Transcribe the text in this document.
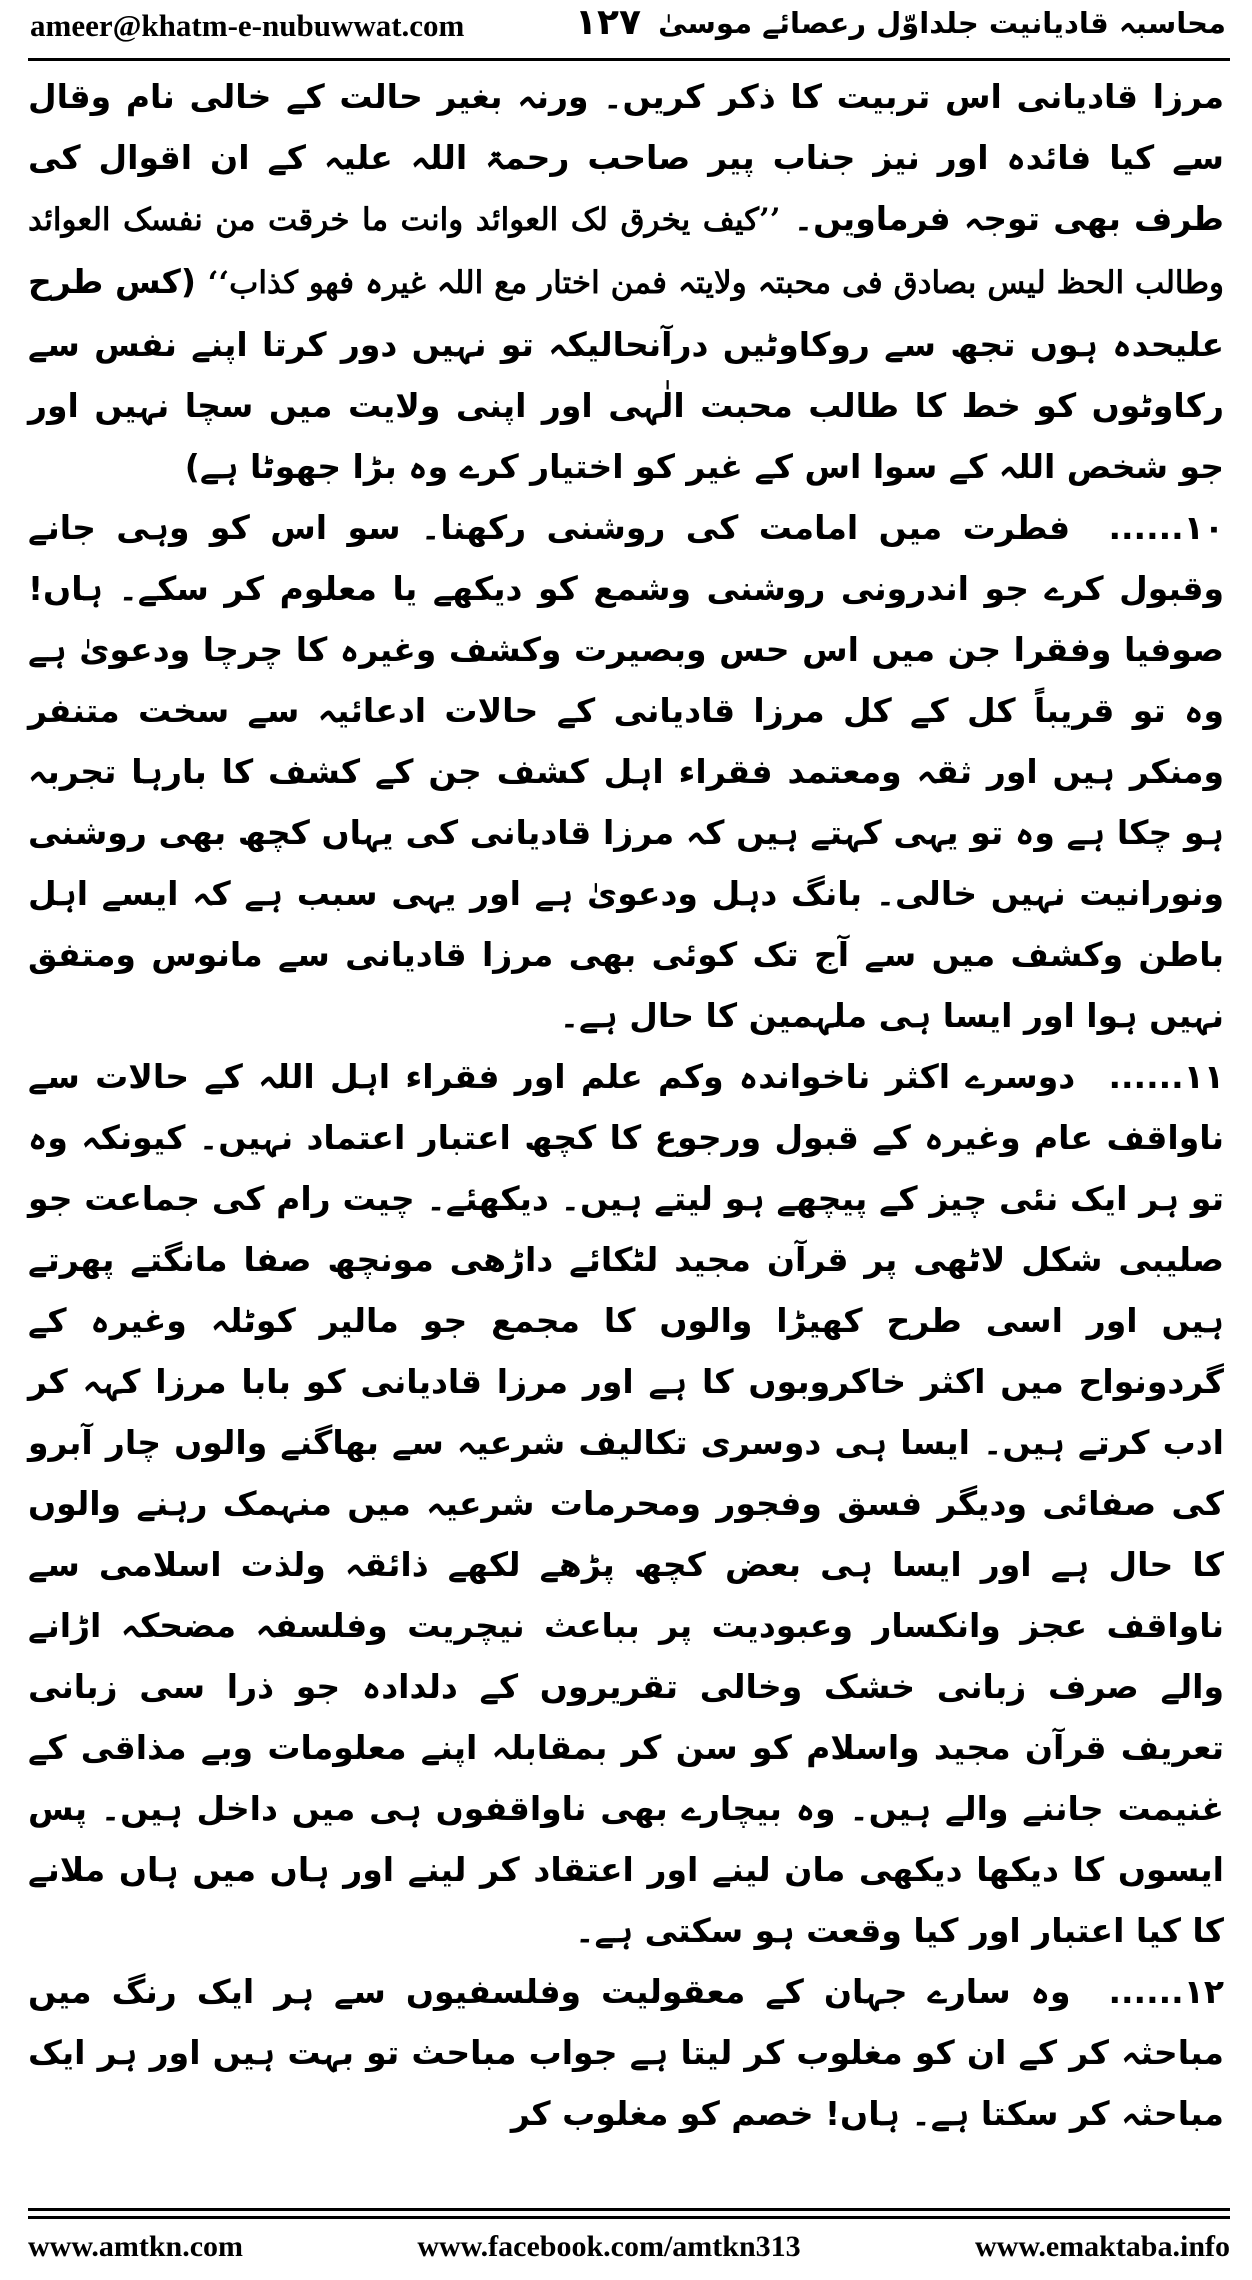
ameer@khatm-e-nubuwwat.com	۱۲۷ محاسبہ قادیانیت جلداوّل رعصائے موسیٰ

مرزا قادیانی اس تربیت کا ذکر کریں۔ ورنہ بغیر حالت کے خالی نام وقال سے کیا فائدہ اور نیز جناب پیر صاحب رحمۃ اللہ علیہ کے ان اقوال کی طرف بھی توجہ فرماویں۔ ’’کیف یخرق لک العوائد وانت ما خرقت من نفسک العوائد وطالب الحظ لیس بصادق فی محبتہ ولایتہ فمن اختار مع اللہ غیرہ فھو کذاب‘‘ (کس طرح علیحدہ ہوں تجھ سے روکاوٹیں درآنحالیکہ تو نہیں دور کرتا اپنے نفس سے رکاوٹوں کو خط کا طالب محبت الٰہی اور اپنی ولایت میں سچا نہیں اور جو شخص اللہ کے سوا اس کے غیر کو اختیار کرے وہ بڑا جھوٹا ہے)

۱۰...... فطرت میں امامت کی روشنی رکھنا۔ سو اس کو وہی جانے وقبول کرے جو اندرونی روشنی وشمع کو دیکھے یا معلوم کر سکے۔ ہاں! صوفیا وفقرا جن میں اس حس وبصیرت وکشف وغیرہ کا چرچا ودعویٰ ہے وہ تو قریباً کل کے کل مرزا قادیانی کے حالات ادعائیہ سے سخت متنفر ومنکر ہیں اور ثقہ ومعتمد فقراء اہل کشف جن کے کشف کا بارہا تجربہ ہو چکا ہے وہ تو یہی کہتے ہیں کہ مرزا قادیانی کی یہاں کچھ بھی روشنی ونورانیت نہیں خالی۔ بانگ دہل ودعویٰ ہے اور یہی سبب ہے کہ ایسے اہل باطن وکشف میں سے آج تک کوئی بھی مرزا قادیانی سے مانوس ومتفق نہیں ہوا اور ایسا ہی ملہمین کا حال ہے۔

۱۱...... دوسرے اکثر ناخواندہ وکم علم اور فقراء اہل اللہ کے حالات سے ناواقف عام وغیرہ کے قبول ورجوع کا کچھ اعتبار اعتماد نہیں۔ کیونکہ وہ تو ہر ایک نئی چیز کے پیچھے ہو لیتے ہیں۔ دیکھئے۔ چیت رام کی جماعت جو صلیبی شکل لاٹھی پر قرآن مجید لٹکائے داڑھی مونچھ صفا مانگتے پھرتے ہیں اور اسی طرح کھیڑا والوں کا مجمع جو مالیر کوٹلہ وغیرہ کے گردونواح میں اکثر خاکروبوں کا ہے اور مرزا قادیانی کو بابا مرزا کہہ کر ادب کرتے ہیں۔ ایسا ہی دوسری تکالیف شرعیہ سے بھاگنے والوں چار آبرو کی صفائی ودیگر فسق وفجور ومحرمات شرعیہ میں منہمک رہنے والوں کا حال ہے اور ایسا ہی بعض کچھ پڑھے لکھے ذائقہ ولذت اسلامی سے ناواقف عجز وانکسار وعبودیت پر بباعث نیچریت وفلسفہ مضحکہ اڑانے والے صرف زبانی خشک وخالی تقریروں کے دلدادہ جو ذرا سی زبانی تعریف قرآن مجید واسلام کو سن کر بمقابلہ اپنے معلومات وبے مذاقی کے غنیمت جاننے والے ہیں۔ وہ بیچارے بھی ناواقفوں ہی میں داخل ہیں۔ پس ایسوں کا دیکھا دیکھی مان لینے اور اعتقاد کر لینے اور ہاں میں ہاں ملانے کا کیا اعتبار اور کیا وقعت ہو سکتی ہے۔

۱۲...... وہ سارے جہان کے معقولیت وفلسفیوں سے ہر ایک رنگ میں مباحثہ کر کے ان کو مغلوب کر لیتا ہے جواب مباحث تو بہت ہیں اور ہر ایک مباحثہ کر سکتا ہے۔ ہاں! خصم کو مغلوب کر

www.amtkn.com	www.facebook.com/amtkn313	www.emaktaba.info
